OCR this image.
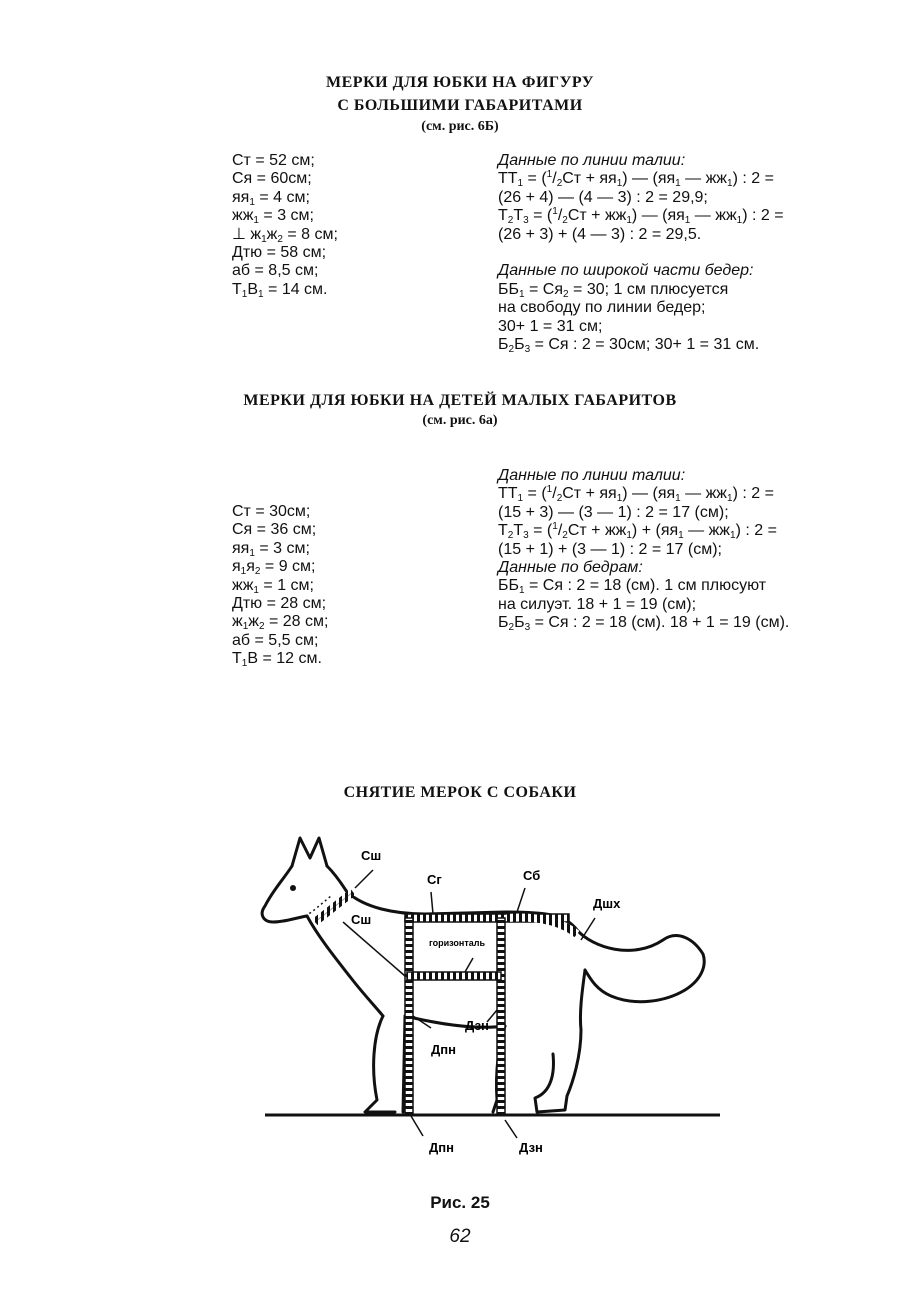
МЕРКИ ДЛЯ ЮБКИ НА ФИГУРУ
С БОЛЬШИМИ ГАБАРИТАМИ
(см. рис. 6Б)
Ст = 52 см;
Ся = 60см;
$яя_1 = 4$ см;
$жж_1 = 3$ см;
⊥ $ж_1ж_2 = 8$ см;
Дтю = 58 см;
аб = 8,5 см;
$Т_1В_1 = 14$ см.
Данные по линии талии:
$ТТ_1 = (^1/_2Ст + яя_1)$ — ($яя_1$ — $жж_1$) : 2 =
(26 + 4) — (4 — 3) : 2 = 29,9;
$Т_2Т_3 = (^1/_2Ст + жж_1)$ — ($яя_1$ — $жж_1$) : 2 =
(26 + 3) + (4 — 3) : 2 = 29,5.
Данные по широкой части бедер:
$ББ_1 = Ся_2 = 30$; 1 см плюсуется
на свободу по линии бедер;
30+ 1 = 31 см;
$Б_2Б_3$ = Ся : 2 = 30см; 30+ 1 = 31 см.
МЕРКИ ДЛЯ ЮБКИ НА ДЕТЕЙ МАЛЫХ ГАБАРИТОВ
(см. рис. 6а)
Ст = 30см;
Ся = 36 см;
$яя_1 = 3$ см;
$я_1я_2 = 9$ см;
$жж_1 = 1$ см;
Дтю = 28 см;
$ж_1ж_2 = 28$ см;
аб = 5,5 см;
$Т_1В = 12$ см.
Данные по линии талии:
$ТТ_1 = (^1/_2Ст + яя_1)$ — ($яя_1$ — $жж_1$) : 2 =
(15 + 3) — (3 — 1) : 2 = 17 (см);
$Т_2Т_3 = (^1/_2Ст + жж_1) + (яя_1$ — $жж_1$) : 2 =
(15 + 1) + (3 — 1) : 2 = 17 (см);
Данные по бедрам:
$ББ_1$ = Ся : 2 = 18 (см). 1 см плюсуют
на силуэт. 18 + 1 = 19 (см);
$Б_2Б_3$ = Ся : 2 = 18 (см). 18 + 1 = 19 (см).
СНЯТИЕ МЕРОК С СОБАКИ
Сш
Сш
Сг	Сб
Дшх
горизонталь
Дзн
Дпн
Дпн	Дзн
Рис. 25
62
